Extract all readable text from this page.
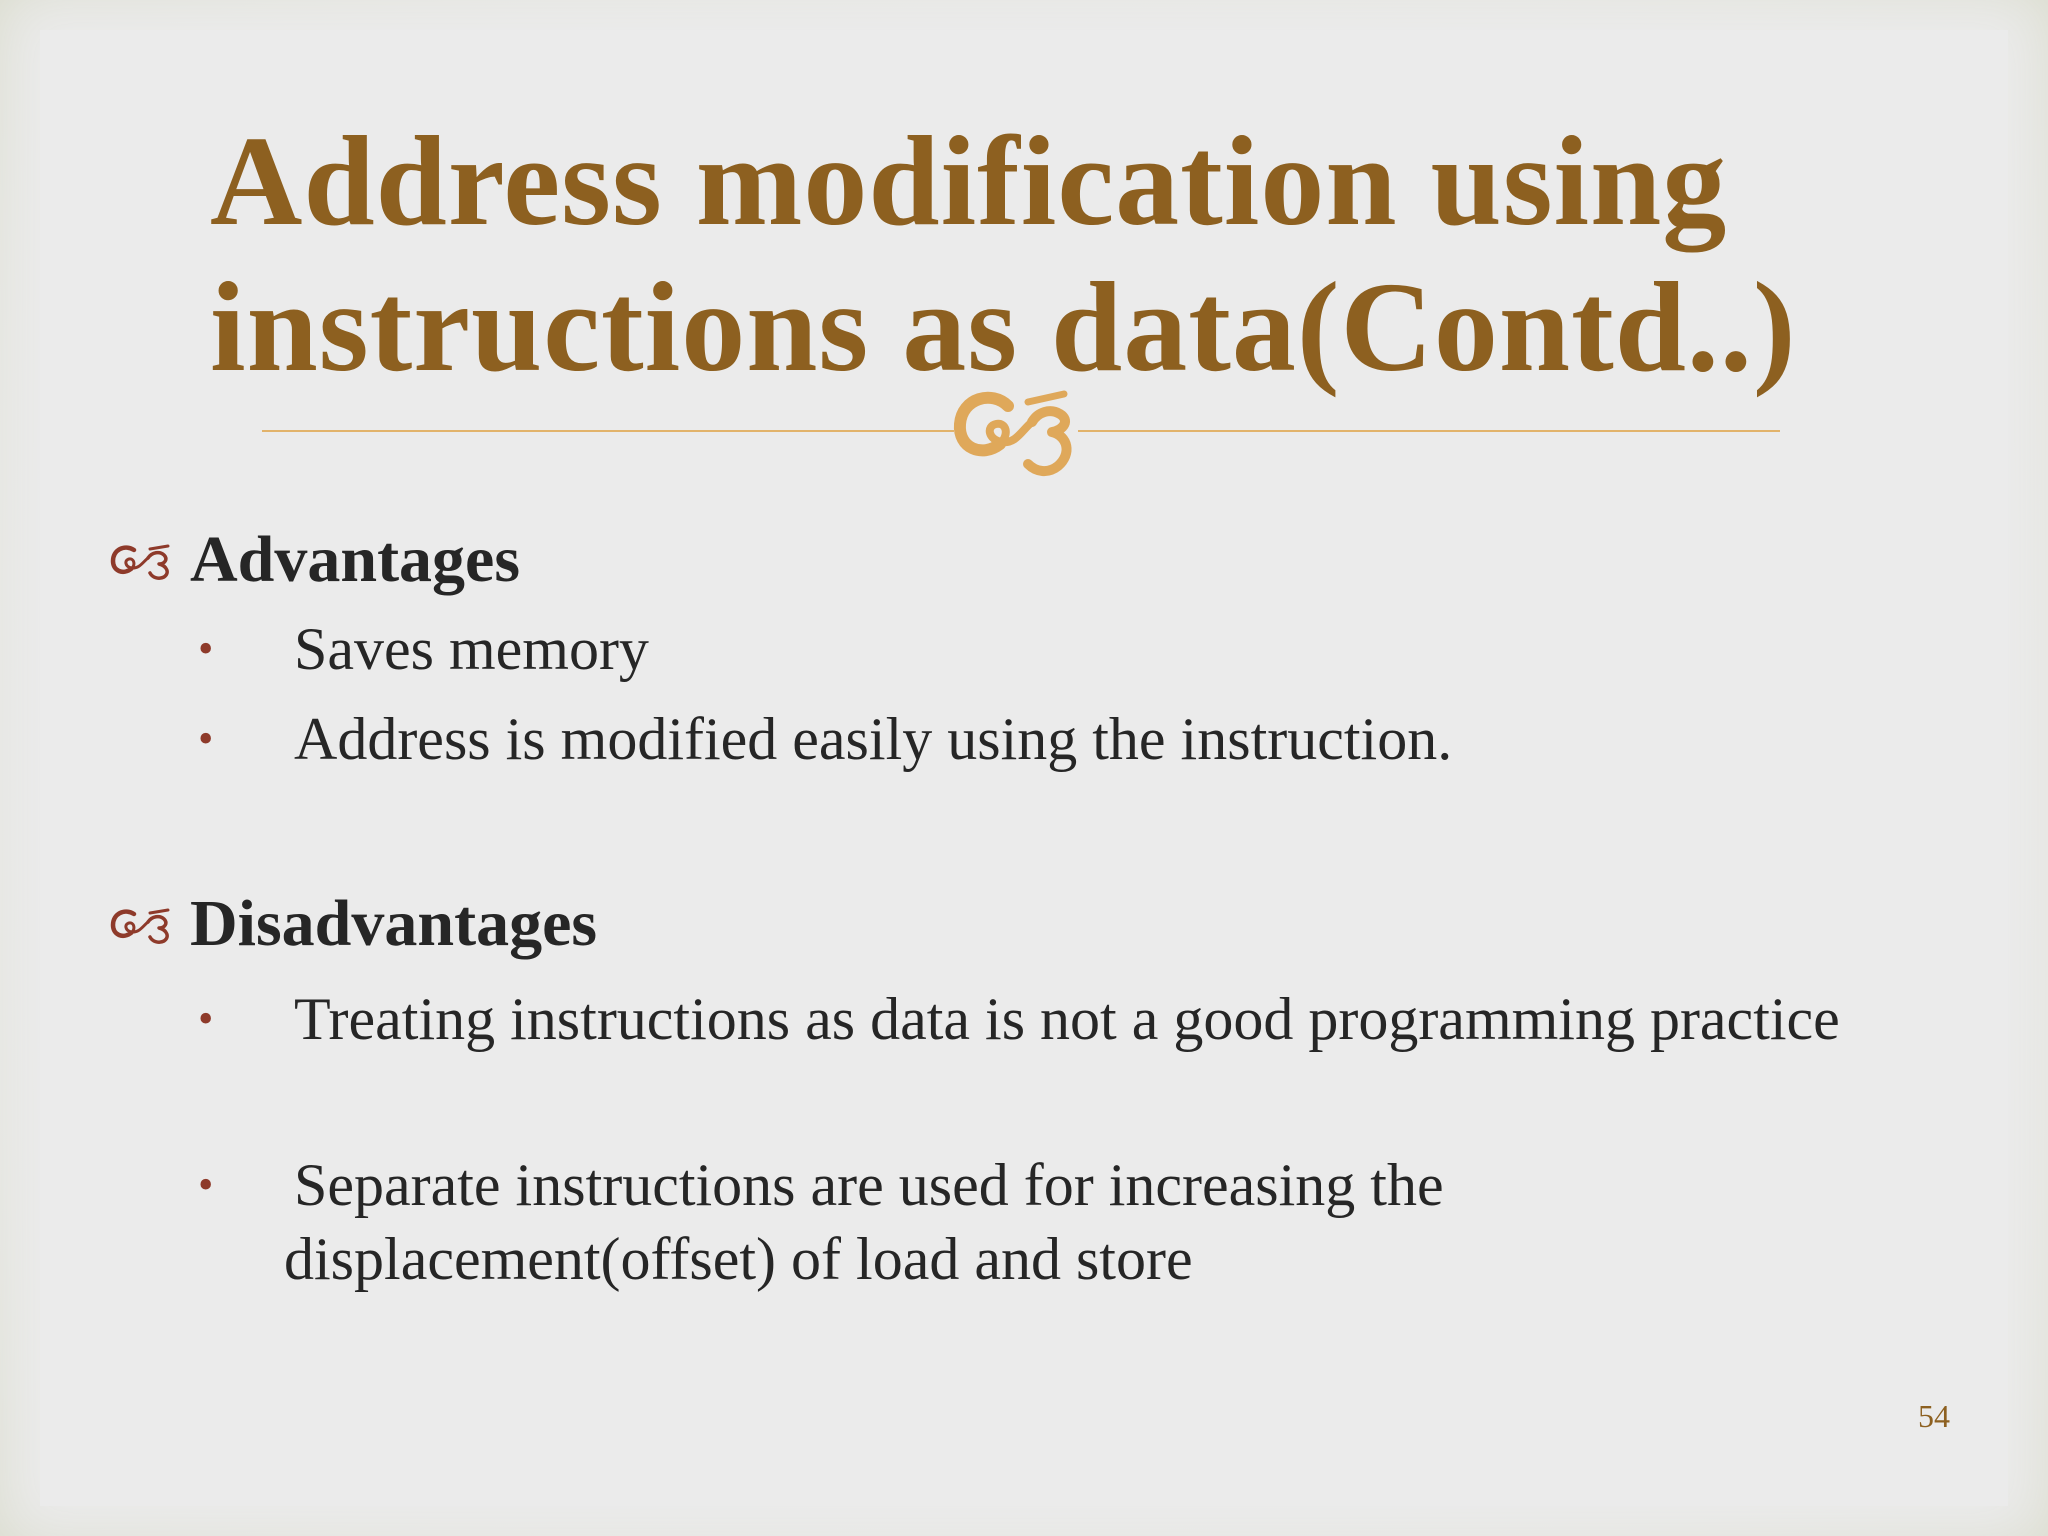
Address modification using
instructions as data(Contd..)
Advantages
•	Saves memory
•	Address is modified easily using the instruction.
Disadvantages
•	Treating instructions as data is not a good programming practice
•	Separate instructions are used for increasing the displacement(offset) of load and store
54
